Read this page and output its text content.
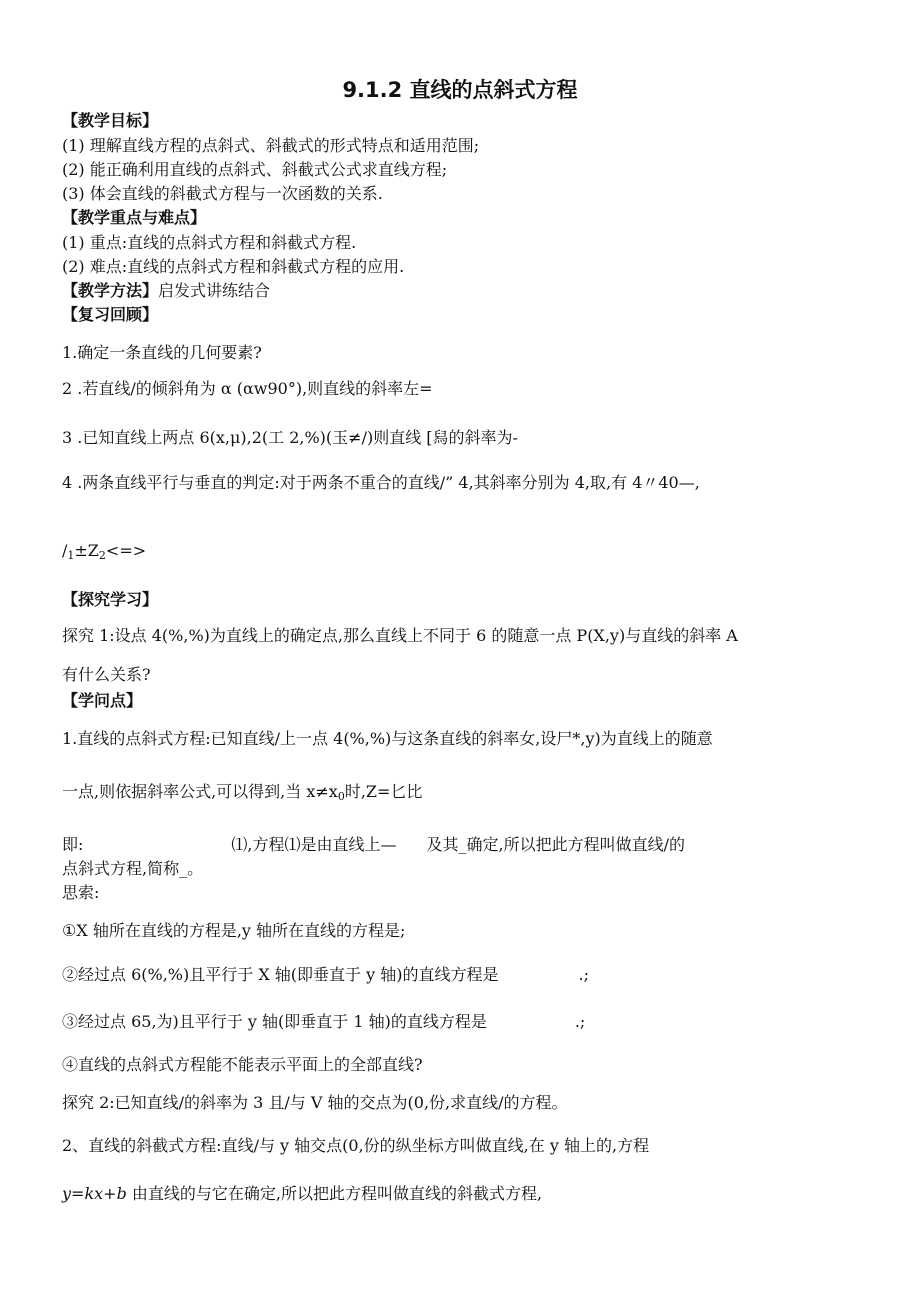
9.1.2 直线的点斜式方程
【教学目标】
(1) 理解直线方程的点斜式、斜截式的形式特点和适用范围;
(2) 能正确利用直线的点斜式、斜截式公式求直线方程;
(3) 体会直线的斜截式方程与一次函数的关系.
【教学重点与难点】
(1) 重点:直线的点斜式方程和斜截式方程.
(2) 难点:直线的点斜式方程和斜截式方程的应用.
【教学方法】启发式讲练结合
【复习回顾】
1.确定一条直线的几何要素?
2 .若直线/的倾斜角为 α (αw90°),则直线的斜率左=
3 .已知直线上两点 6(x,μ),2(工 2,%)(玉≠/)则直线 [舄的斜率为-
4 .两条直线平行与垂直的判定:对于两条不重合的直线/” 4,其斜率分别为 4,取,有 4〃40—,
/1±Z2<=>
【探究学习】
探究 1:设点 4(%,%)为直线上的确定点,那么直线上不同于 6 的随意一点 P(X,y)与直线的斜率 A
有什么关系?
【学问点】
1.直线的点斜式方程:已知直线/上一点 4(%,%)与这条直线的斜率女,设尸*,y)为直线上的随意
一点,则依据斜率公式,可以得到,当 x≠x0时,Z=匕比
即:	⑴,方程⑴是由直线上— 及其_确定,所以把此方程叫做直线/的
点斜式方程,简称_。
思索:
①X 轴所在直线的方程是,y 轴所在直线的方程是;
②经过点 6(%,%)且平行于 X 轴(即垂直于 y 轴)的直线方程是	.;
③经过点 65,为)且平行于 y 轴(即垂直于 1 轴)的直线方程是	.;
④直线的点斜式方程能不能表示平面上的全部直线?
探究 2:已知直线/的斜率为 3 且/与 V 轴的交点为(0,份,求直线/的方程。
2、直线的斜截式方程:直线/与 y 轴交点(0,份的纵坐标方叫做直线,在 y 轴上的,方程
y=kx+b 由直线的与它在确定,所以把此方程叫做直线的斜截式方程,
